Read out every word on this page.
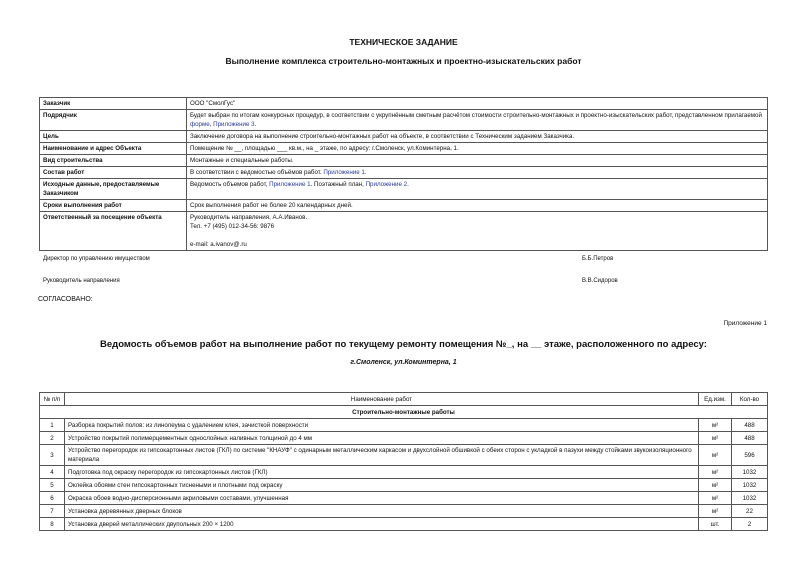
ТЕХНИЧЕСКОЕ ЗАДАНИЕ
Выполнение комплекса строительно-монтажных и проектно-изыскательских работ
Заказчик	ООО "СмолГус"
Подрядчик	Будет выбран по итогам конкурсных процедур, в соответствии с укрупнённым сметным расчётом стоимости строительно-монтажных и проектно-изыскательских работ, представленном прилагаемой форме, Приложение 3.
Цель	Заключение договора на выполнение строительно-монтажных работ на объекте, в соответствии с Техническим заданием Заказчика.
Наименование и адрес Объекта	Помещение № __, площадью ___ кв.м., на _ этаже, по адресу: г.Смоленск, ул.Коминтерна, 1.
Вид строительства	Монтажные и специальные работы.
Состав работ	В соответствии с ведомостью объёмов работ. Приложение 1.
Исходные данные, предоставляемые Заказчиком	Ведомость объемов работ, Приложение 1. Поэтажный план, Приложение 2.
Сроки выполнения работ	Срок выполнения работ не более 20 календарных дней.
Ответственный за посещение объекта	Руководитель направления, А.А.Иванов.
Тел. +7 (495) 012-34-56: 9876
e-mail: a.ivanov@.ru
Директор по управлению имуществом	Б.Б.Петров
Руководитель направления	В.В.Сидоров
СОГЛАСОВАНО:
Приложение 1
Ведомость объемов работ на выполнение работ по текущему ремонту помещения №_, на __ этаже, расположенного по адресу:
г.Смоленск, ул.Коминтерна, 1
№ п/п	Наименование работ	Ед.изм.	Кол-во
Строительно-монтажные работы			
1	Разборка покрытий полов: из линолеума с удалением клея, зачисткой поверхности	м²	488
2	Устройство покрытий полимерцементных однослойных наливных толщиной до 4 мм	м²	488
3	Устройство перегородок из гипсокартонных листов (ГКЛ) по системе "КНАУФ" с одинарным металлическим каркасом и двухслойной обшивкой с обеих сторон с укладкой в пазухи между стойками звукоизоляционного материала	м²	596
4	Подготовка под окраску перегородок из гипсокартонных листов (ГКЛ)	м²	1032
5	Оклейка обоями стен гипсокартонных тиснеными и плотными под окраску	м²	1032
6	Окраска обоев водно-дисперсионными акриловыми составами, улучшенная	м²	1032
7	Установка деревянных дверных блоков	м²	22
8	Установка дверей металлических двупольных 200 × 1200	шт.	2
